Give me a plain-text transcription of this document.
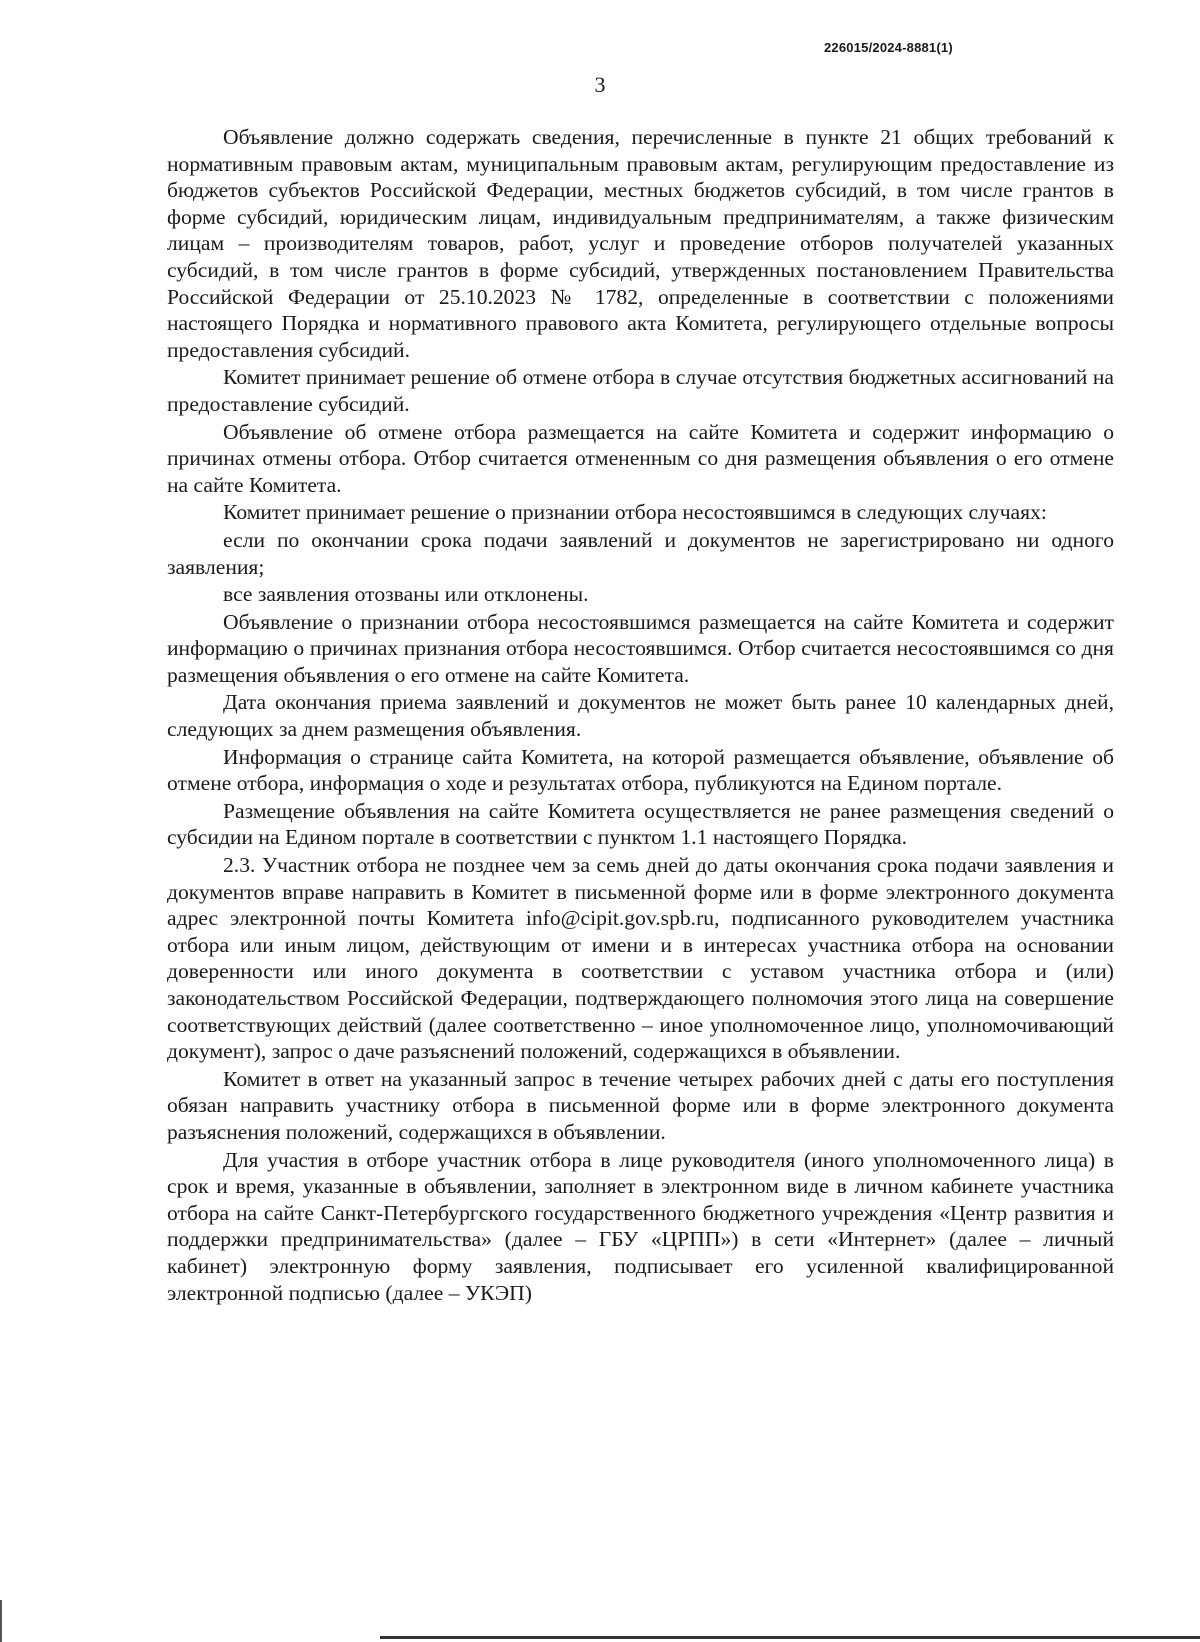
226015/2024-8881(1)
3

Объявление должно содержать сведения, перечисленные в пункте 21 общих требований к нормативным правовым актам, муниципальным правовым актам, регулирующим предоставление из бюджетов субъектов Российской Федерации, местных бюджетов субсидий, в том числе грантов в форме субсидий, юридическим лицам, индивидуальным предпринимателям, а также физическим лицам – производителям товаров, работ, услуг и проведение отборов получателей указанных субсидий, в том числе грантов в форме субсидий, утвержденных постановлением Правительства Российской Федерации от 25.10.2023 № 1782, определенные в соответствии с положениями настоящего Порядка и нормативного правового акта Комитета, регулирующего отдельные вопросы предоставления субсидий.

Комитет принимает решение об отмене отбора в случае отсутствия бюджетных ассигнований на предоставление субсидий.

Объявление об отмене отбора размещается на сайте Комитета и содержит информацию о причинах отмены отбора. Отбор считается отмененным со дня размещения объявления о его отмене на сайте Комитета.

Комитет принимает решение о признании отбора несостоявшимся в следующих случаях:

если по окончании срока подачи заявлений и документов не зарегистрировано ни одного заявления;

все заявления отозваны или отклонены.

Объявление о признании отбора несостоявшимся размещается на сайте Комитета и содержит информацию о причинах признания отбора несостоявшимся. Отбор считается несостоявшимся со дня размещения объявления о его отмене на сайте Комитета.

Дата окончания приема заявлений и документов не может быть ранее 10 календарных дней, следующих за днем размещения объявления.

Информация о странице сайта Комитета, на которой размещается объявление, объявление об отмене отбора, информация о ходе и результатах отбора, публикуются на Едином портале.

Размещение объявления на сайте Комитета осуществляется не ранее размещения сведений о субсидии на Едином портале в соответствии с пунктом 1.1 настоящего Порядка.

2.3. Участник отбора не позднее чем за семь дней до даты окончания срока подачи заявления и документов вправе направить в Комитет в письменной форме или в форме электронного документа адрес электронной почты Комитета info@cipit.gov.spb.ru, подписанного руководителем участника отбора или иным лицом, действующим от имени и в интересах участника отбора на основании доверенности или иного документа в соответствии с уставом участника отбора и (или) законодательством Российской Федерации, подтверждающего полномочия этого лица на совершение соответствующих действий (далее соответственно – иное уполномоченное лицо, уполномочивающий документ), запрос о даче разъяснений положений, содержащихся в объявлении.

Комитет в ответ на указанный запрос в течение четырех рабочих дней с даты его поступления обязан направить участнику отбора в письменной форме или в форме электронного документа разъяснения положений, содержащихся в объявлении.

Для участия в отборе участник отбора в лице руководителя (иного уполномоченного лица) в срок и время, указанные в объявлении, заполняет в электронном виде в личном кабинете участника отбора на сайте Санкт-Петербургского государственного бюджетного учреждения «Центр развития и поддержки предпринимательства» (далее – ГБУ «ЦРПП») в сети «Интернет» (далее – личный кабинет) электронную форму заявления, подписывает его усиленной квалифицированной электронной подписью (далее – УКЭП)
